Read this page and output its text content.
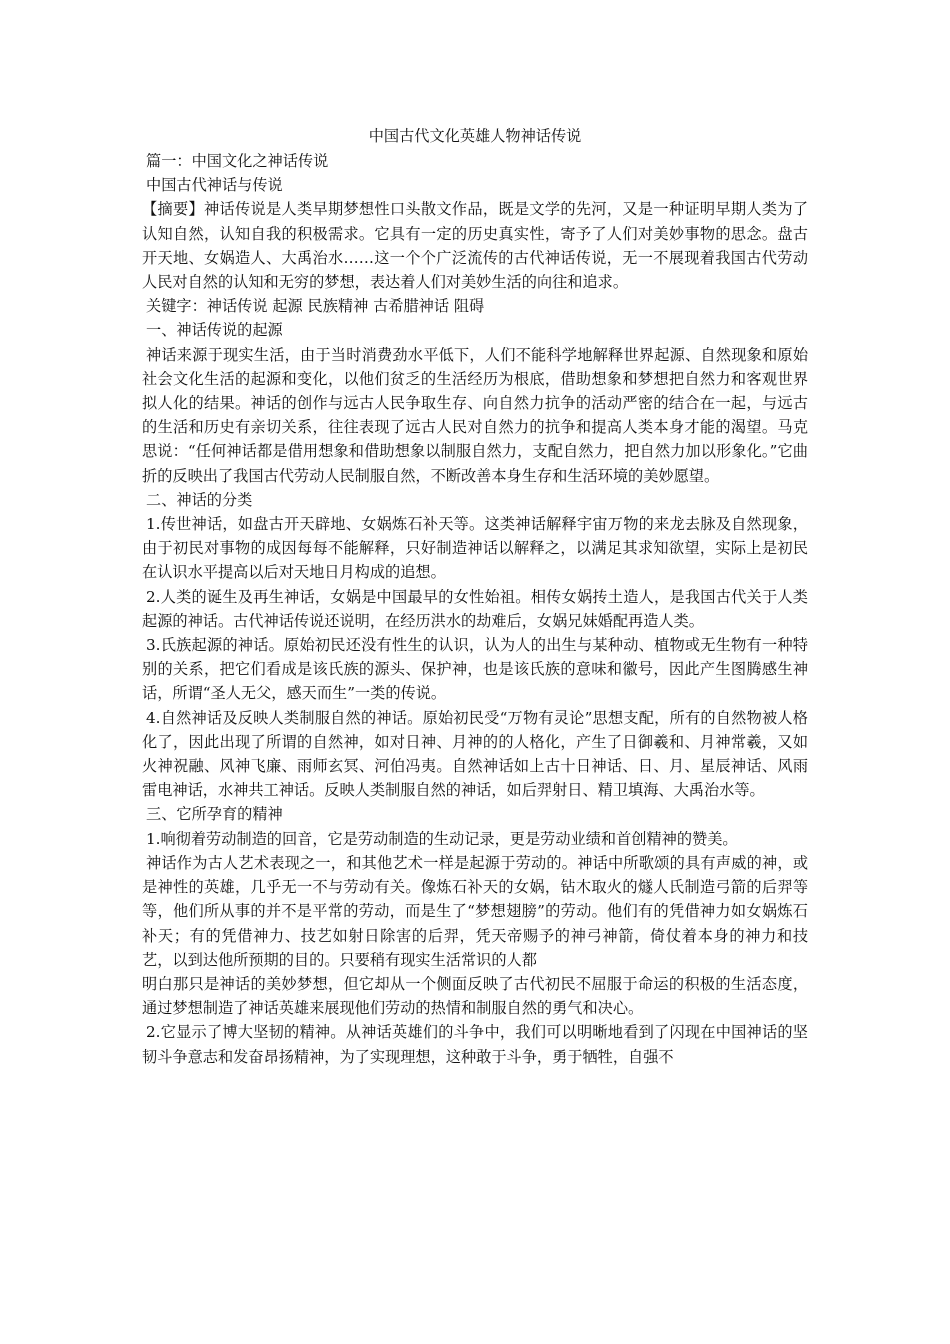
中国古代文化英雄人物神话传说

篇一：中国文化之神话传说

中国古代神话与传说

【摘要】神话传说是人类早期梦想性口头散文作品，既是文学的先河，又是一种证明早期人类为了认知自然，认知自我的积极需求。它具有一定的历史真实性，寄予了人们对美妙事物的思念。盘古开天地、女娲造人、大禹治水……这一个个广泛流传的古代神话传说，无一不展现着我国古代劳动人民对自然的认知和无穷的梦想，表达着人们对美妙生活的向往和追求。

关键字：神话传说 起源 民族精神 古希腊神话 阻碍

一、神话传说的起源

神话来源于现实生活，由于当时消费劲水平低下，人们不能科学地解释世界起源、自然现象和原始社会文化生活的起源和变化，以他们贫乏的生活经历为根底，借助想象和梦想把自然力和客观世界拟人化的结果。神话的创作与远古人民争取生存、向自然力抗争的活动严密的结合在一起，与远古的生活和历史有亲切关系，往往表现了远古人民对自然力的抗争和提高人类本身才能的渴望。马克思说：“任何神话都是借用想象和借助想象以制服自然力，支配自然力，把自然力加以形象化。”它曲折的反映出了我国古代劳动人民制服自然，不断改善本身生存和生活环境的美妙愿望。

二、神话的分类

1.传世神话，如盘古开天辟地、女娲炼石补天等。这类神话解释宇宙万物的来龙去脉及自然现象，由于初民对事物的成因每每不能解释，只好制造神话以解释之，以满足其求知欲望，实际上是初民在认识水平提高以后对天地日月构成的追想。

2.人类的诞生及再生神话，女娲是中国最早的女性始祖。相传女娲抟土造人，是我国古代关于人类起源的神话。古代神话传说还说明，在经历洪水的劫难后，女娲兄妹婚配再造人类。

3.氏族起源的神话。原始初民还没有性生的认识，认为人的出生与某种动、植物或无生物有一种特别的关系，把它们看成是该氏族的源头、保护神，也是该氏族的意味和徽号，因此产生图腾感生神话，所谓“圣人无父，感天而生”一类的传说。

4.自然神话及反映人类制服自然的神话。原始初民受“万物有灵论”思想支配，所有的自然物被人格化了，因此出现了所谓的自然神，如对日神、月神的的人格化，产生了日御羲和、月神常羲，又如火神祝融、风神飞廉、雨师玄冥、河伯冯夷。自然神话如上古十日神话、日、月、星辰神话、风雨雷电神话，水神共工神话。反映人类制服自然的神话，如后羿射日、精卫填海、大禹治水等。

三、它所孕育的精神

1.响彻着劳动制造的回音，它是劳动制造的生动记录，更是劳动业绩和首创精神的赞美。

神话作为古人艺术表现之一，和其他艺术一样是起源于劳动的。神话中所歌颂的具有声威的神，或是神性的英雄，几乎无一不与劳动有关。像炼石补天的女娲，钻木取火的燧人氏制造弓箭的后羿等等，他们所从事的并不是平常的劳动，而是生了“梦想翅膀”的劳动。他们有的凭借神力如女娲炼石补天；有的凭借神力、技艺如射日除害的后羿，凭天帝赐予的神弓神箭，倚仗着本身的神力和技艺，以到达他所预期的目的。只要稍有现实生活常识的人都

明白那只是神话的美妙梦想，但它却从一个侧面反映了古代初民不屈服于命运的积极的生活态度，通过梦想制造了神话英雄来展现他们劳动的热情和制服自然的勇气和决心。

2.它显示了博大坚韧的精神。从神话英雄们的斗争中，我们可以明晰地看到了闪现在中国神话的坚韧斗争意志和发奋昂扬精神，为了实现理想，这种敢于斗争，勇于牺牲，自强不
